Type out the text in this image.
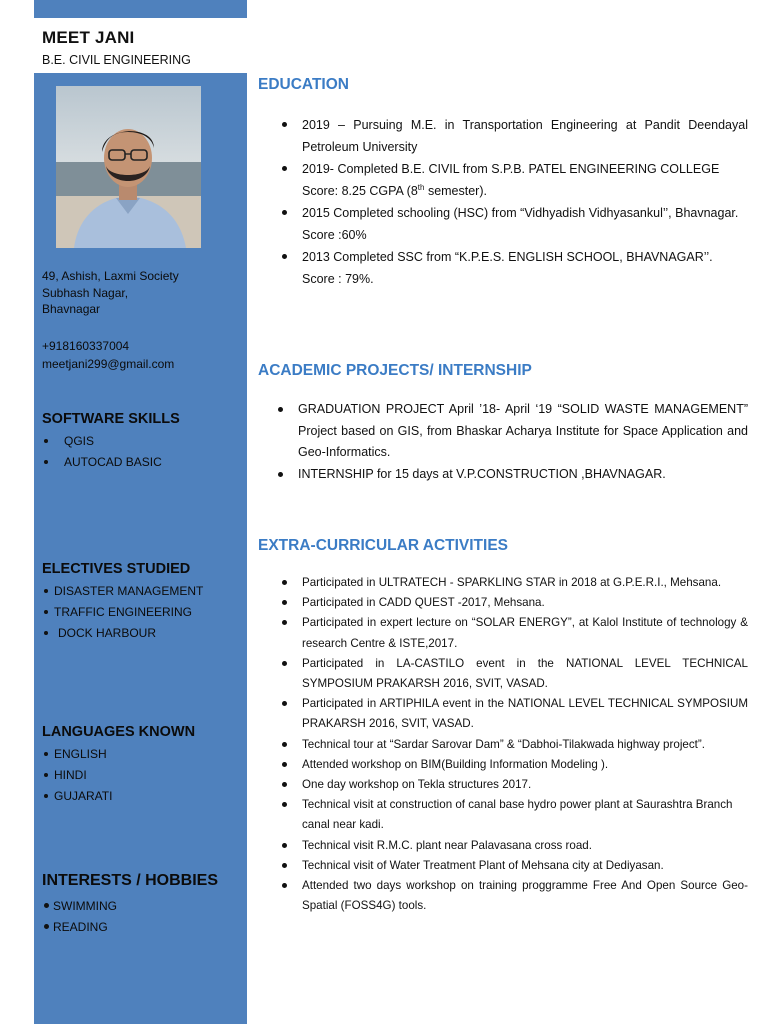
MEET JANI
B.E. CIVIL ENGINEERING
49, Ashish, Laxmi Society
Subhash Nagar,
Bhavnagar
+918160337004
meetjani299@gmail.com
SOFTWARE SKILLS
QGIS
AUTOCAD BASIC
ELECTIVES STUDIED
DISASTER MANAGEMENT
TRAFFIC ENGINEERING
DOCK HARBOUR
LANGUAGES KNOWN
ENGLISH
HINDI
GUJARATI
INTERESTS / HOBBIES
SWIMMING
READING
EDUCATION
2019 – Pursuing M.E. in Transportation Engineering at Pandit Deendayal Petroleum University
2019- Completed B.E. CIVIL from S.P.B. PATEL ENGINEERING COLLEGE
Score: 8.25 CGPA (8th semester).
2015 Completed schooling (HSC) from “Vidhyadish Vidhyasankul’’, Bhavnagar.
Score :60%
2013 Completed SSC from “K.P.E.S. ENGLISH SCHOOL, BHAVNAGAR’’.
Score : 79%.
ACADEMIC PROJECTS/ INTERNSHIP
GRADUATION PROJECT April ’18- April ‘19 “SOLID WASTE MANAGEMENT” Project based on GIS, from Bhaskar Acharya Institute for Space Application and Geo-Informatics.
INTERNSHIP for 15 days at V.P.CONSTRUCTION ,BHAVNAGAR.
EXTRA-CURRICULAR ACTIVITIES
Participated in ULTRATECH - SPARKLING STAR in 2018 at G.P.E.R.I., Mehsana.
Participated in CADD QUEST -2017, Mehsana.
Participated in expert lecture on “SOLAR ENERGY”, at Kalol Institute of technology & research Centre & ISTE,2017.
Participated in LA-CASTILO event in the NATIONAL LEVEL TECHNICAL SYMPOSIUM PRAKARSH 2016, SVIT, VASAD.
Participated in ARTIPHILA event in the NATIONAL LEVEL TECHNICAL SYMPOSIUM PRAKARSH 2016, SVIT, VASAD.
Technical tour at “Sardar Sarovar Dam” & “Dabhoi-Tilakwada highway project”.
Attended workshop on BIM(Building Information Modeling ).
One day workshop on Tekla structures 2017.
Technical visit at construction of canal base hydro power plant at Saurashtra Branch canal near kadi.
Technical visit R.M.C. plant near Palavasana cross road.
Technical visit of Water Treatment Plant of Mehsana city at Dediyasan.
Attended two days workshop on training proggramme Free And Open Source Geo-Spatial (FOSS4G) tools.
